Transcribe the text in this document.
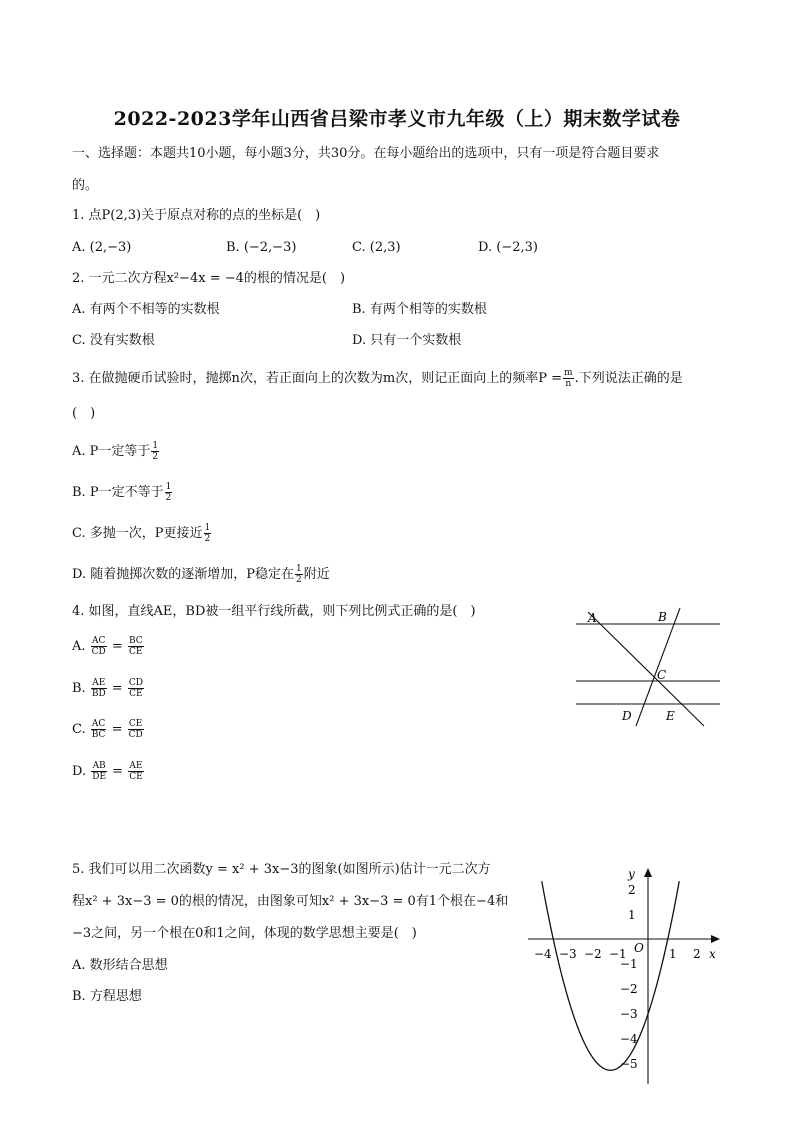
2022-2023学年山西省吕梁市孝义市九年级（上）期末数学试卷
一、选择题：本题共10小题，每小题3分，共30分。在每小题给出的选项中，只有一项是符合题目要求
的。
1. 点P(2,3)关于原点对称的点的坐标是(　)
A. (2,−3)	B. (−2,−3)	C. (2,3)	D. (−2,3)
2. 一元二次方程x²−4x = −4的根的情况是(　)
A. 有两个不相等的实数根	B. 有两个相等的实数根
C. 没有实数根	D. 只有一个实数根
3. 在做抛硬币试验时，抛掷n次，若正面向上的次数为m次，则记正面向上的频率$P = \frac{m}{n}$ .下列说法正确的是
(　)
A. P一定等于 $\frac{1}{2}$
B. P一定不等于 $\frac{1}{2}$
C. 多抛一次，P更接近 $\frac{1}{2}$
D. 随着抛掷次数的逐渐增加，P稳定在 $\frac{1}{2}$ 附近
4. 如图，直线AE，BD被一组平行线所截，则下列比例式正确的是(　)
A. $\frac{AC}{CD} = \frac{BC}{CE}$
B. $\frac{AE}{BD} = \frac{CD}{CE}$
C. $\frac{AC}{BC} = \frac{CE}{CD}$
D. $\frac{AB}{DE} = \frac{AE}{CE}$
A	B
C
D	E
5. 我们可以用二次函数y = x² + 3x−3的图象(如图所示)估计一元二次方
程x² + 3x−3 = 0的根的情况，由图象可知x² + 3x−3 = 0有1个根在−4和
−3之间，另一个根在0和1之间，体现的数学思想主要是(　)
A. 数形结合思想
B. 方程思想
x
y
O
−4 −3 −2 −1	1 2
2
1
−1
−2
−3
−4
−5
